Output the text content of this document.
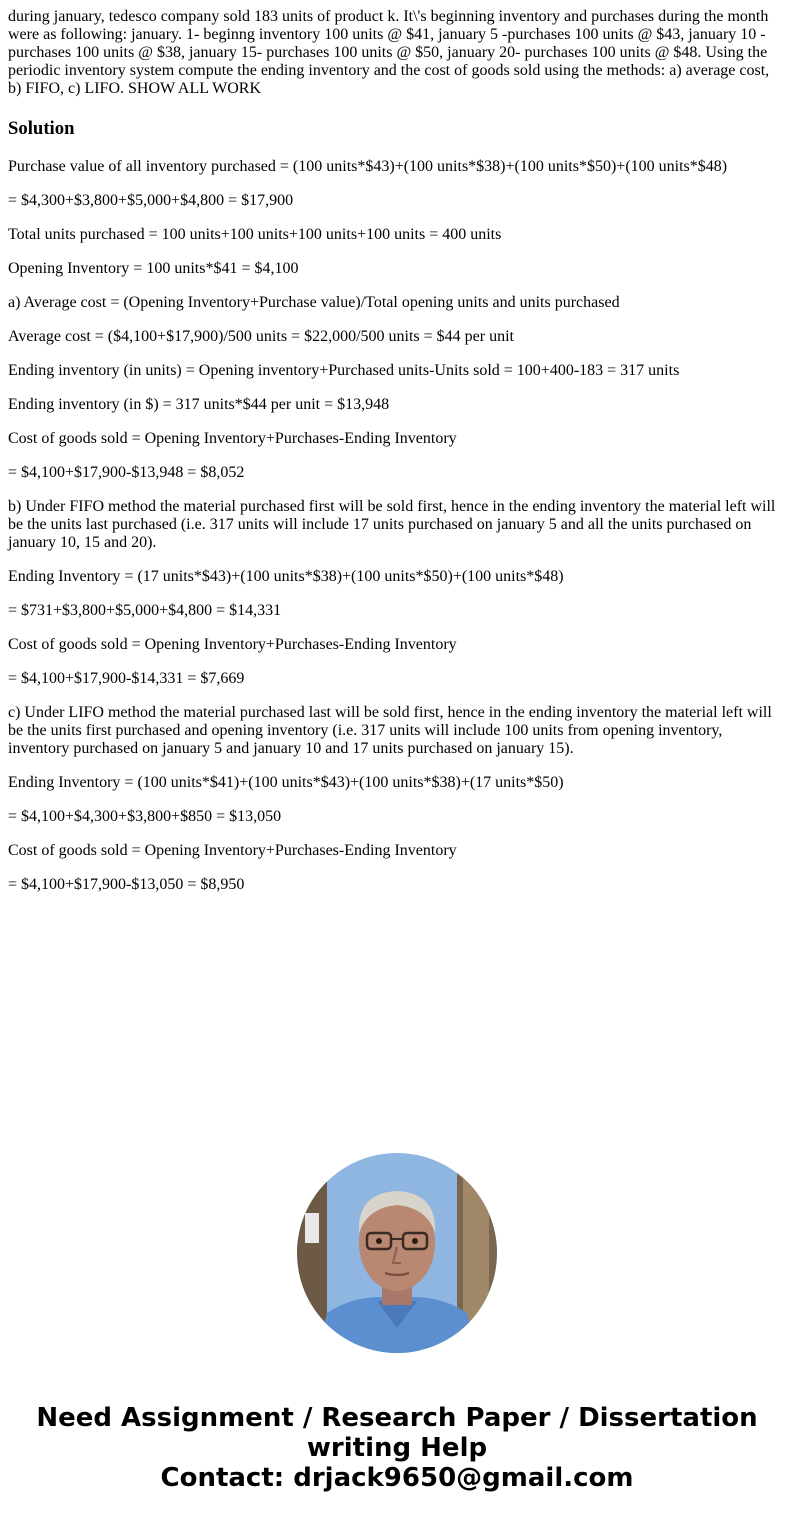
during january, tedesco company sold 183 units of product k. It\'s beginning inventory and purchases during the month were as following: january. 1- beginng inventory 100 units @ $41, january 5 -purchases 100 units @ $43, january 10 -purchases 100 units @ $38, january 15- purchases 100 units @ $50, january 20- purchases 100 units @ $48. Using the periodic inventory system compute the ending inventory and the cost of goods sold using the methods: a) average cost, b) FIFO, c) LIFO. SHOW ALL WORK

Solution

Purchase value of all inventory purchased = (100 units*$43)+(100 units*$38)+(100 units*$50)+(100 units*$48)

= $4,300+$3,800+$5,000+$4,800 = $17,900

Total units purchased = 100 units+100 units+100 units+100 units = 400 units

Opening Inventory = 100 units*$41 = $4,100

a) Average cost = (Opening Inventory+Purchase value)/Total opening units and units purchased

Average cost = ($4,100+$17,900)/500 units = $22,000/500 units = $44 per unit

Ending inventory (in units) = Opening inventory+Purchased units-Units sold = 100+400-183 = 317 units

Ending inventory (in $) = 317 units*$44 per unit = $13,948

Cost of goods sold = Opening Inventory+Purchases-Ending Inventory

= $4,100+$17,900-$13,948 = $8,052

b) Under FIFO method the material purchased first will be sold first, hence in the ending inventory the material left will be the units last purchased (i.e. 317 units will include 17 units purchased on january 5 and all the units purchased on january 10, 15 and 20).

Ending Inventory = (17 units*$43)+(100 units*$38)+(100 units*$50)+(100 units*$48)

= $731+$3,800+$5,000+$4,800 = $14,331

Cost of goods sold = Opening Inventory+Purchases-Ending Inventory

= $4,100+$17,900-$14,331 = $7,669

c) Under LIFO method the material purchased last will be sold first, hence in the ending inventory the material left will be the units first purchased and opening inventory (i.e. 317 units will include 100 units from opening inventory, inventory purchased on january 5 and january 10 and 17 units purchased on january 15).

Ending Inventory = (100 units*$41)+(100 units*$43)+(100 units*$38)+(17 units*$50)

= $4,100+$4,300+$3,800+$850 = $13,050

Cost of goods sold = Opening Inventory+Purchases-Ending Inventory

= $4,100+$17,900-$13,050 = $8,950

Need Assignment / Research Paper / Dissertation
writing Help
Contact: drjack9650@gmail.com
